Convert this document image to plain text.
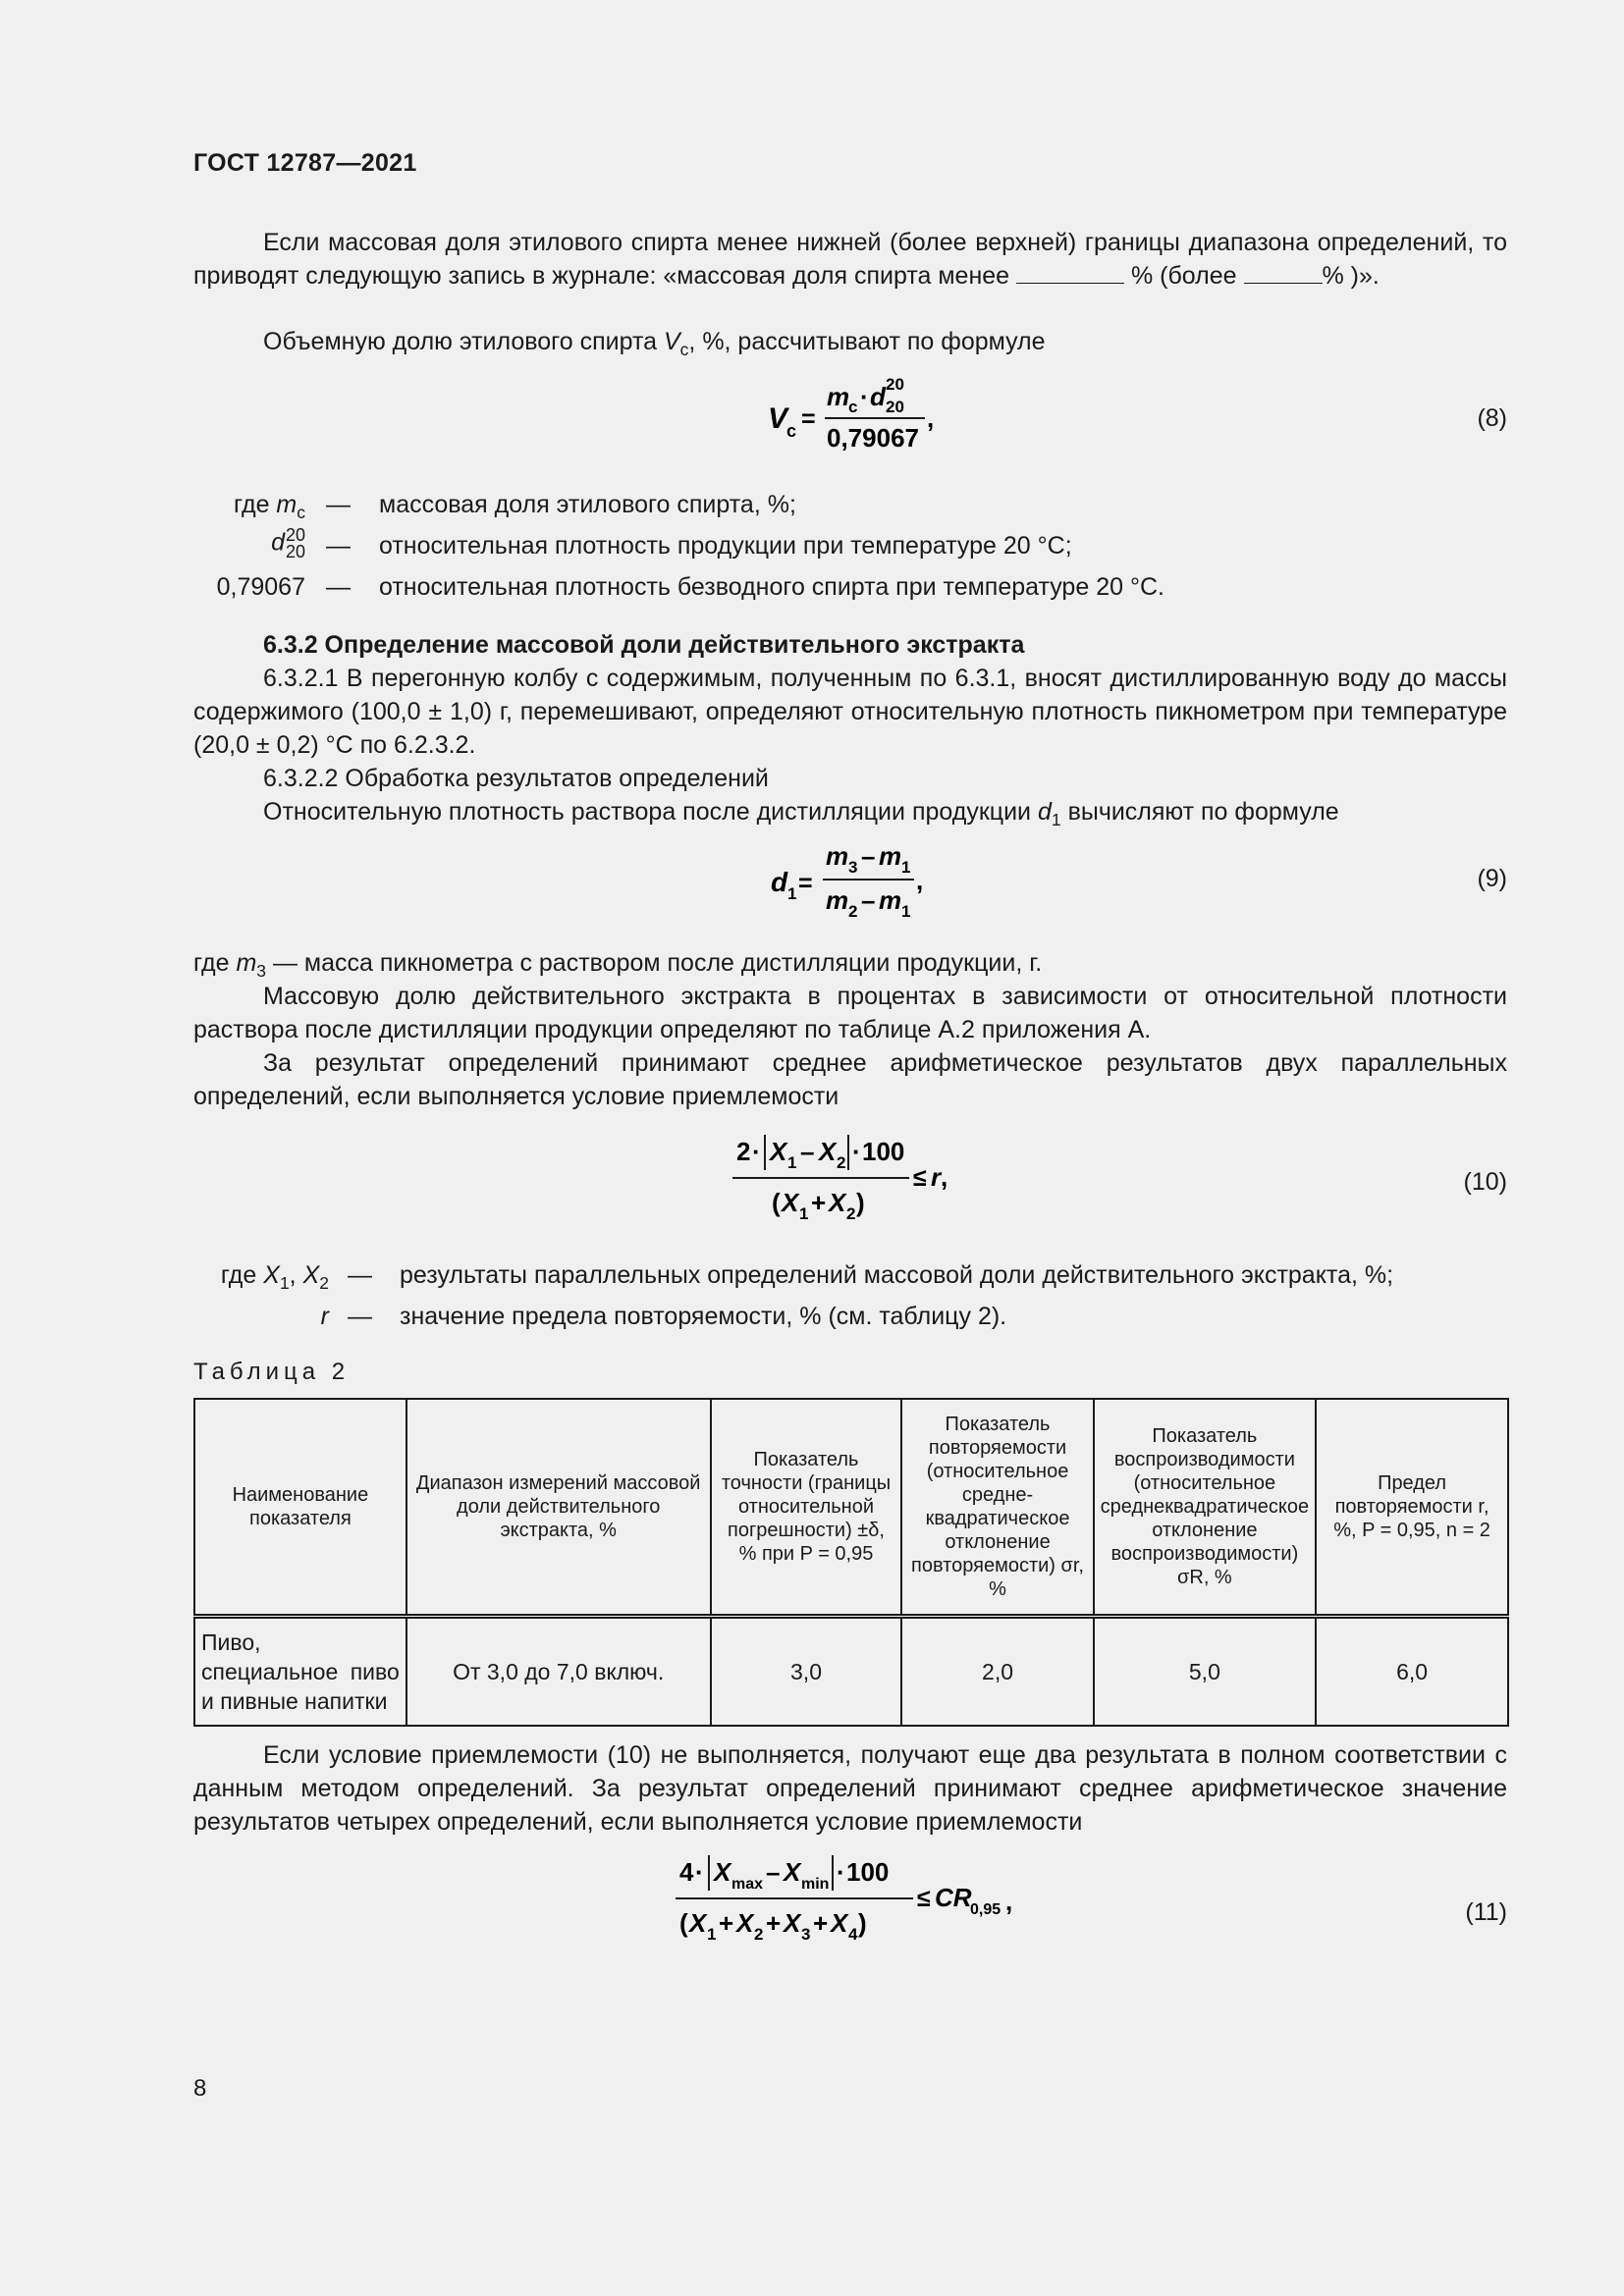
ГОСТ 12787—2021
Если массовая доля этилового спирта менее нижней (более верхней) границы диапазона определений, то приводят следующую запись в журнале: «массовая доля спирта менее	% (более	% )».
Объемную долю этилового спирта $V_с$, %, рассчитывают по формуле
V
с =
m
с · d 20
20
0,79067
,	(8)
где $m_с$ — массовая доля этилового спирта, %;
d20
20 — относительная плотность продукции при температуре 20 °С;
0,79067 — относительная плотность безводного спирта при температуре 20 °С.
6.3.2 Определение массовой доли действительного экстракта
6.3.2.1 В перегонную колбу с содержимым, полученным по 6.3.1, вносят дистиллированную воду до массы содержимого (100,0 ± 1,0) г, перемешивают, определяют относительную плотность пикнометром при температуре (20,0 ± 0,2) °С по 6.2.3.2.
6.3.2.2 Обработка результатов определений
Относительную плотность раствора после дистилляции продукции $d_1$ вычисляют по формуле
d 1 =
m 3 – m 1
m 2 – m 1
,	(9)
где $m_3$ — масса пикнометра с раствором после дистилляции продукции, г.
Массовую долю действительного экстракта в процентах в зависимости от относительной плотности раствора после дистилляции продукции определяют по таблице А.2 приложения А.
За результат определений принимают среднее арифметическое результатов двух параллельных определений, если выполняется условие приемлемости
2 · X 1 – X 2 · 100
( X 1 + X 2 )
≤ r ,	(10)
где $X_1$, $X_2$ — результаты параллельных определений массовой доли действительного экстракта, %;
r — значение предела повторяемости, % (см. таблицу 2).
Таблица 2
Наименование показателя	Диапазон измерений массовой доли действительного экстракта, %	Показатель точности (границы относительной погрешности) ±δ, % при P = 0,95	Показатель повторяемости (относительное средне-квадратическое отклонение повторяемости) σr, %	Показатель воспроизводимости (относительное среднеквадратическое отклонение воспроизводимости) σR, %	Предел повторяемости r, %, P = 0,95, n = 2
Пиво, специальное пиво и пивные напитки	От 3,0 до 7,0 включ.	3,0	2,0	5,0	6,0
Если условие приемлемости (10) не выполняется, получают еще два результата в полном соответствии с данным методом определений. За результат определений принимают среднее арифметическое значение результатов четырех определений, если выполняется условие приемлемости
4 · X max – X min · 100
( X 1 + X 2 + X 3 + X 4 )
≤ CR
0,95 ,	(11)
8
